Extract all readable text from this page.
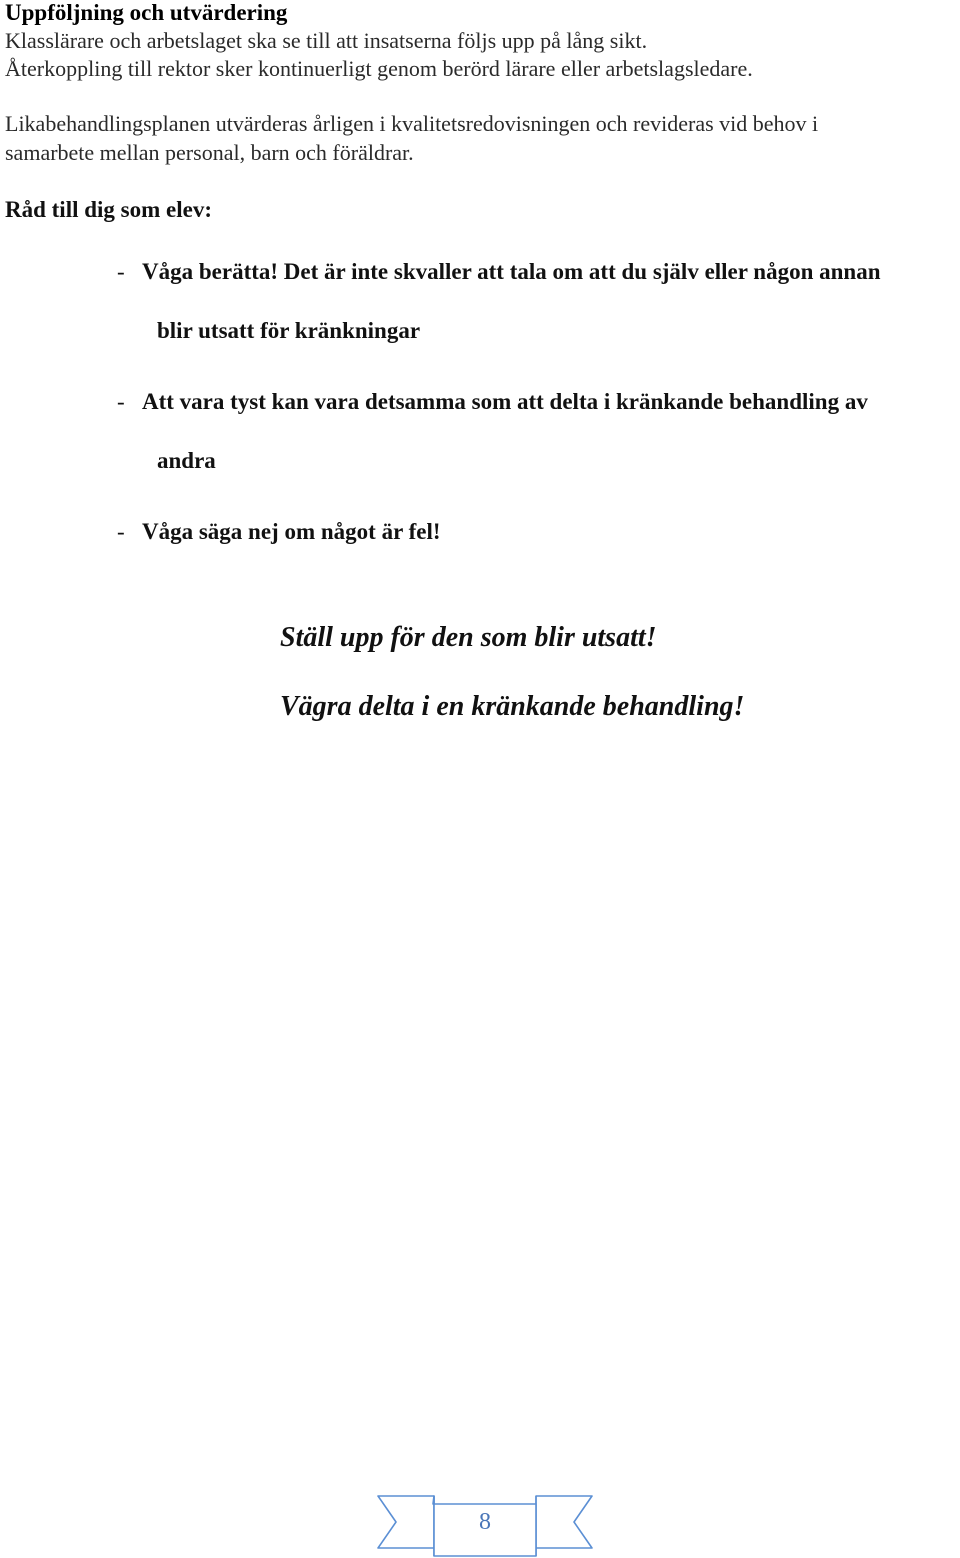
Uppföljning och utvärdering

Klasslärare och arbetslaget ska se till att insatserna följs upp på lång sikt.

Återkoppling till rektor sker kontinuerligt genom berörd lärare eller arbetslagsledare.

Likabehandlingsplanen utvärderas årligen i kvalitetsredovisningen och revideras vid behov i

samarbete mellan personal, barn och föräldrar.

Råd till dig som elev:
- Våga berätta! Det är inte skvaller att tala om att du själv eller någon annan
blir utsatt för kränkningar
- Att vara tyst kan vara detsamma som att delta i kränkande behandling av
andra
- Våga säga nej om något är fel!

Ställ upp för den som blir utsatt!

Vägra delta i en kränkande behandling!

8
